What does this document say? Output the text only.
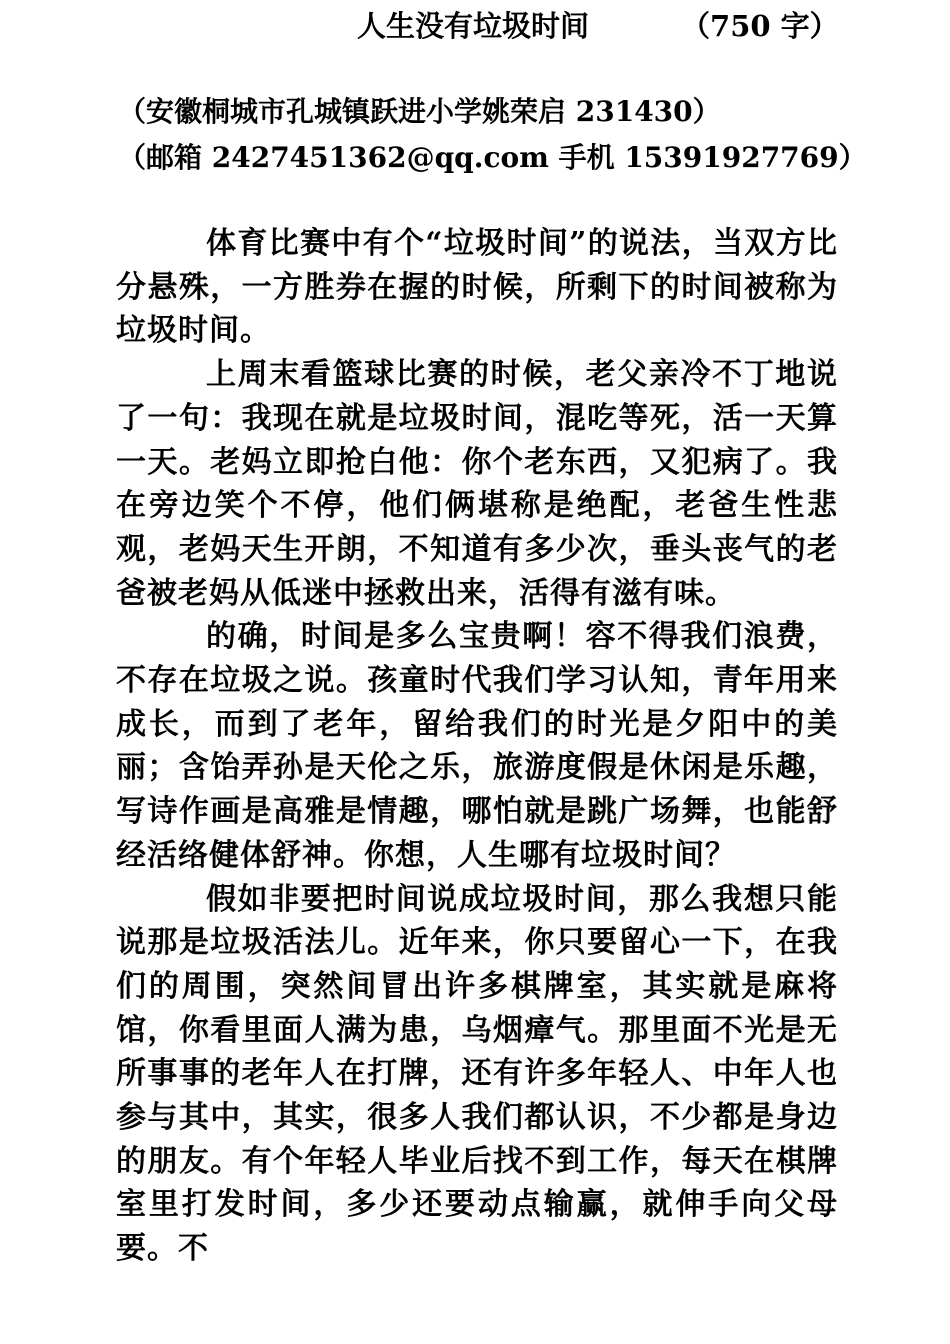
人生没有垃圾时间	（750 字）
（安徽桐城市孔城镇跃进小学姚荣启 231430）
（邮箱 2427451362@qq.com 手机 15391927769）

体育比赛中有个“垃圾时间”的说法，当双方比分悬殊，一方胜券在握的时候，所剩下的时间被称为垃圾时间。

上周末看篮球比赛的时候，老父亲冷不丁地说了一句：我现在就是垃圾时间，混吃等死，活一天算一天。老妈立即抢白他：你个老东西，又犯病了。我在旁边笑个不停，他们俩堪称是绝配，老爸生性悲观，老妈天生开朗，不知道有多少次，垂头丧气的老爸被老妈从低迷中拯救出来，活得有滋有味。

的确，时间是多么宝贵啊！容不得我们浪费，不存在垃圾之说。孩童时代我们学习认知，青年用来成长，而到了老年，留给我们的时光是夕阳中的美丽；含饴弄孙是天伦之乐，旅游度假是休闲是乐趣，写诗作画是高雅是情趣，哪怕就是跳广场舞，也能舒经活络健体舒神。你想，人生哪有垃圾时间？

假如非要把时间说成垃圾时间，那么我想只能说那是垃圾活法儿。近年来，你只要留心一下，在我们的周围，突然间冒出许多棋牌室，其实就是麻将馆，你看里面人满为患，乌烟瘴气。那里面不光是无所事事的老年人在打牌，还有许多年轻人、中年人也参与其中，其实，很多人我们都认识，不少都是身边的朋友。有个年轻人毕业后找不到工作，每天在棋牌室里打发时间，多少还要动点输赢，就伸手向父母要。不
